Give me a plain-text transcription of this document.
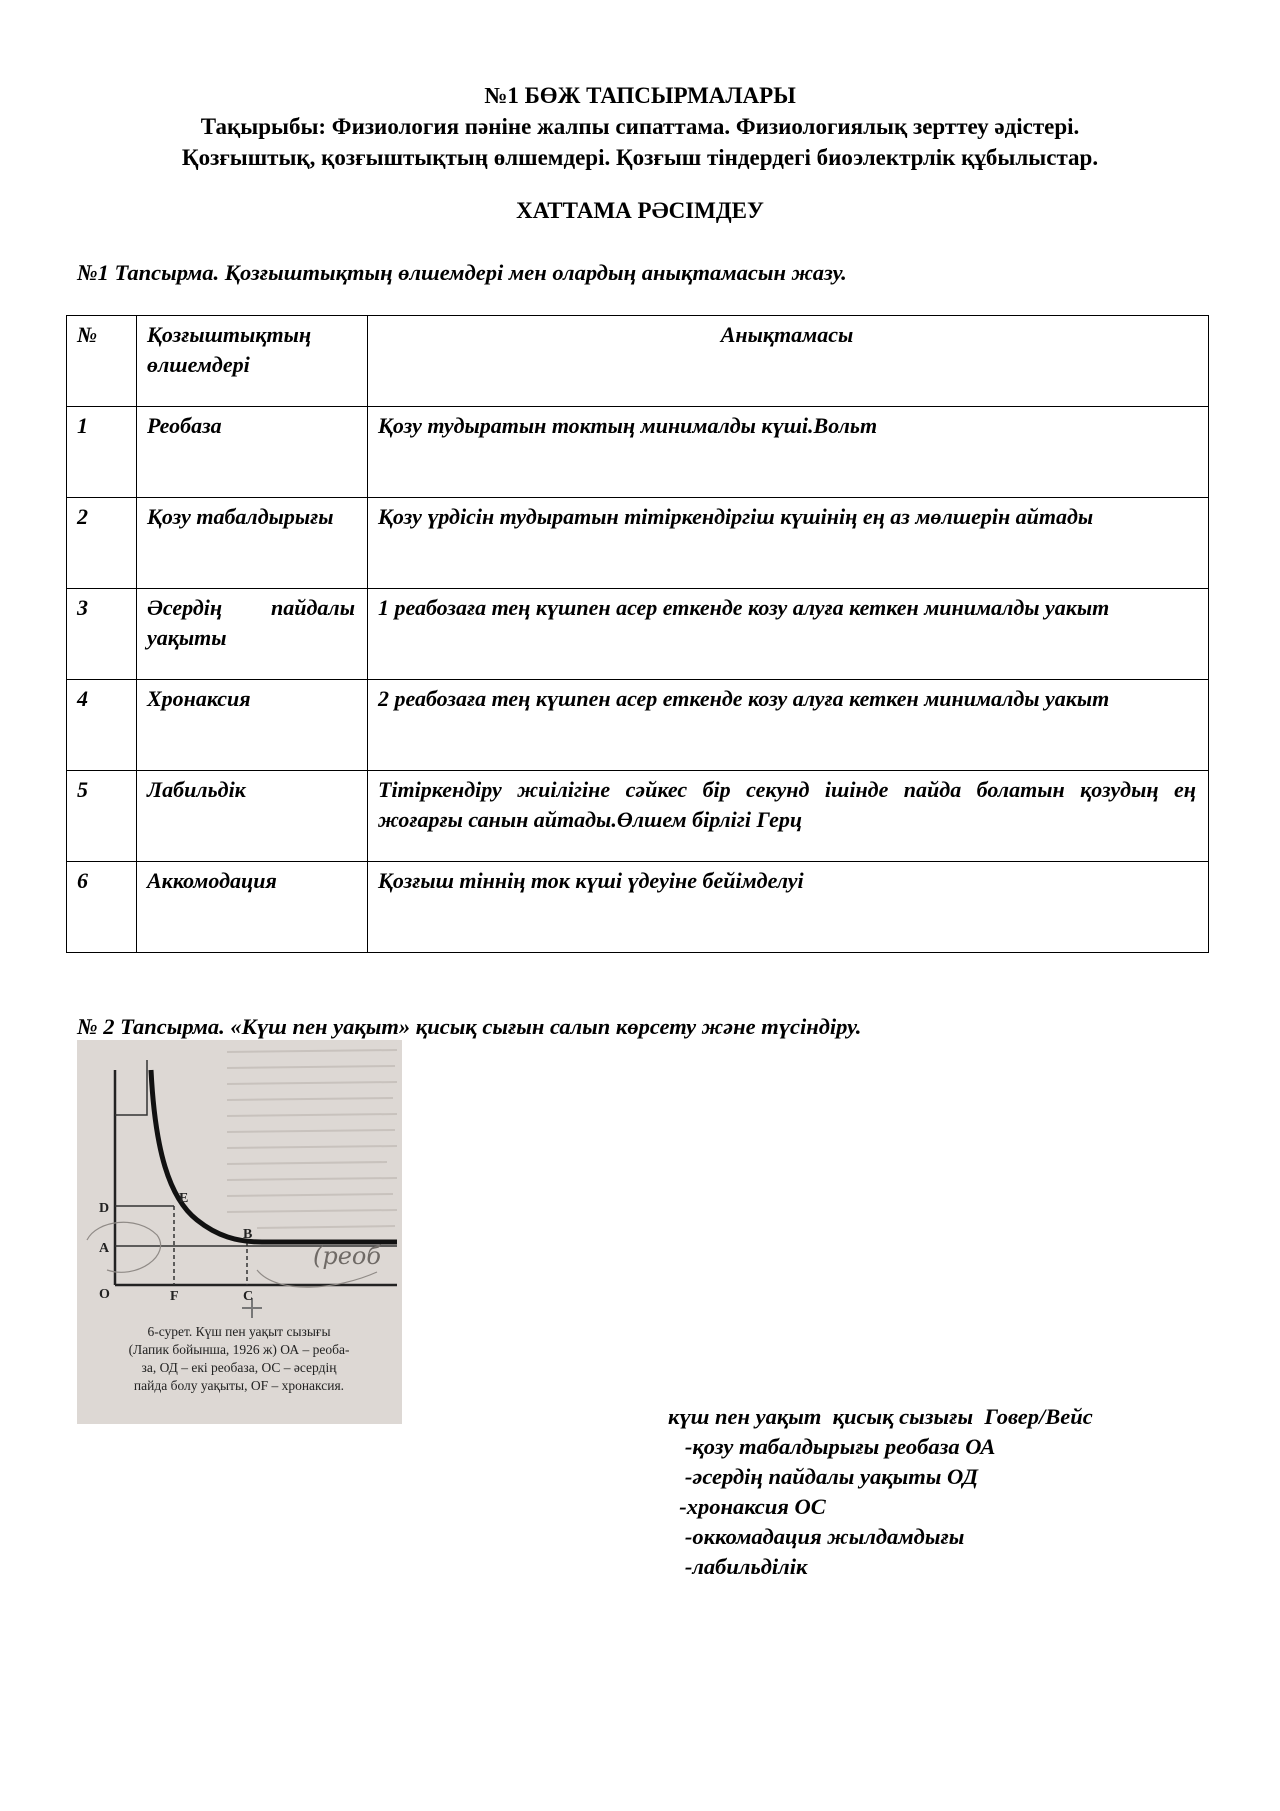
№1 БӨЖ ТАПСЫРМАЛАРЫ
Тақырыбы: Физиология пәніне жалпы сипаттама. Физиологиялық зерттеу әдістері.
Қозғыштық, қозғыштықтың өлшемдері. Қозғыш тіндердегі биоэлектрлік құбылыстар.
ХАТТАМА РӘСІМДЕУ
№1 Тапсырма. Қозғыштықтың өлшемдері мен олардың анықтамасын жазу.
№	Қозғыштықтың өлшемдері	Анықтамасы
1	Реобаза	Қозу тудыратын токтың минималды күші.Вольт
2	Қозу табалдырығы	Қозу үрдісін тудыратын тітіркендіргіш күшінің ең аз мөлшерін айтады
3	Әсердің пайдалы уақыты	1 реабозаға тең күшпен асер еткенде козу алуға кеткен минималды уакыт
4	Хронаксия	2 реабозаға тең күшпен асер еткенде козу алуға кеткен минималды уакыт
5	Лабильдік	Тітіркендіру жиілігіне сәйкес бір секунд ішінде пайда болатын қозудың ең жоғарғы санын айтады.Өлшем бірлігі Герц
6	Аккомодация	Қозғыш тіннің ток күші үдеуіне бейімделуі
№ 2 Тапсырма. «Күш пен уақыт» қисық сығын салып көрсету және түсіндіру.
(реоб
D
E
A
B
O	F	C
6-сурет. Күш пен уақыт сызығы
(Лапик бойынша, 1926 ж) ОА – реоба-
за, ОД – екі реобаза, ОС – әсердің
пайда болу уақыты, OF – хронаксия.
күш пен уақыт  қисық сызығы  Говер/Вейс
-қозу табалдырығы реобаза ОА
-әсердің пайдалы уақыты ОД
-хронаксия ОС
-оккомадация жылдамдығы
-лабильділік
